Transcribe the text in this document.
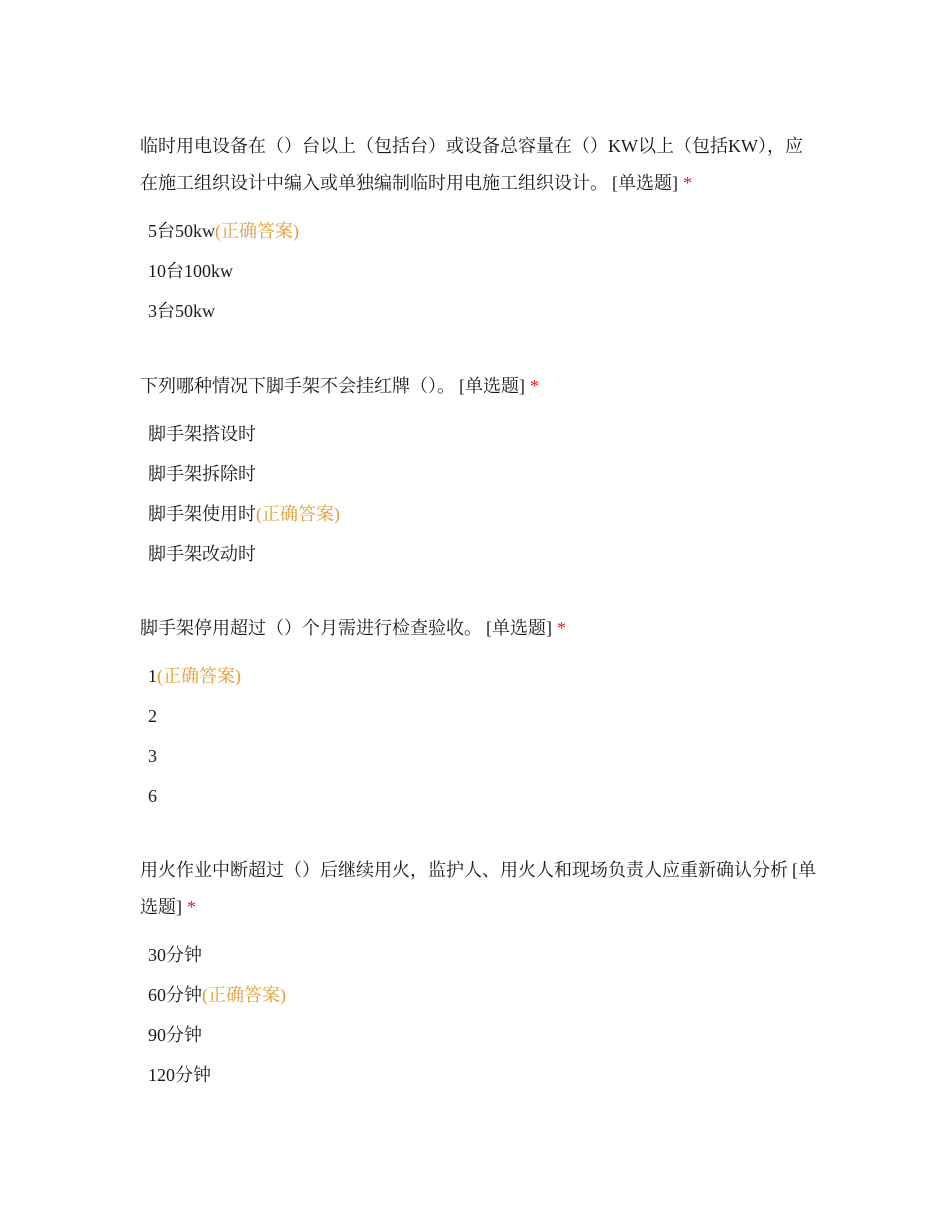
临时用电设备在（）台以上（包括台）或设备总容量在（）KW以上（包括KW），应在施工组织设计中编入或单独编制临时用电施工组织设计。 [单选题] *

5台50kw(正确答案)
10台100kw
3台50kw

下列哪种情况下脚手架不会挂红牌（）。 [单选题] *

脚手架搭设时
脚手架拆除时
脚手架使用时(正确答案)
脚手架改动时

脚手架停用超过（）个月需进行检查验收。 [单选题] *

1(正确答案)
2
3
6

用火作业中断超过（）后继续用火，监护人、用火人和现场负责人应重新确认分析 [单选题] *

30分钟
60分钟(正确答案)
90分钟
120分钟
